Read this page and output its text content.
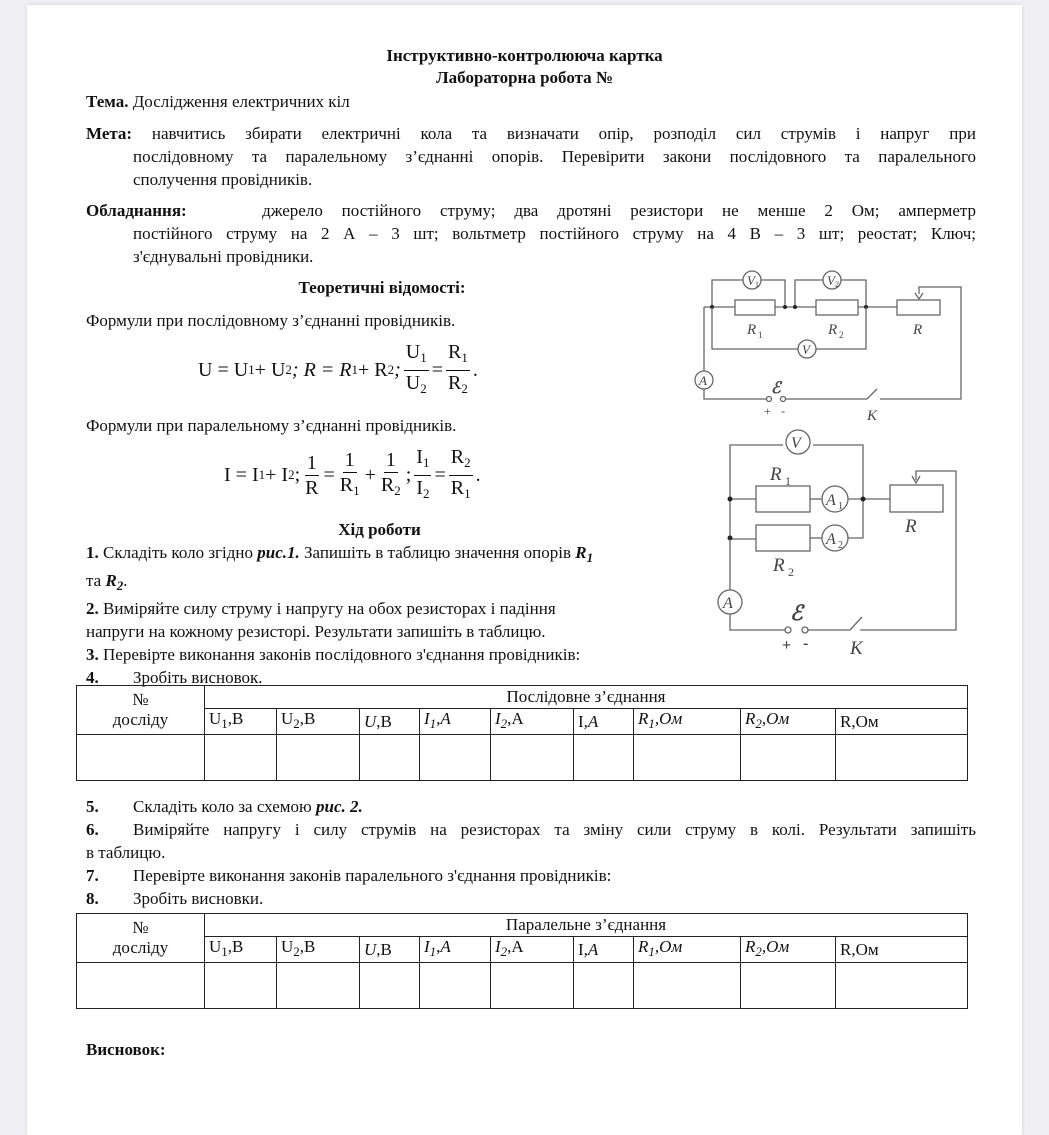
Інструктивно-контролююча картка
Лабораторна робота №
Тема. Дослідження електричних кіл
Мета: навчитись збирати електричні кола та визначати опір, розподіл сил струмів і напруг при
послідовному та паралельному з’єднанні опорів. Перевірити закони послідовного та паралельного
сполучення провідників.
Обладнання:	джерело постійного струму; два дротяні резистори не менше 2 Ом; амперметр
постійного струму на 2 А – 3 шт; вольтметр постійного струму на 4 В – 3 шт; реостат; Ключ;
з'єднувальні провідники.
Теоретичні відомості:
Формули при послідовному з’єднанні провідників.
U = U 1 + U 2 ; R = R 1 + R 2 ; $\frac{U_1}{U_2} = \frac{R_1}{R_2}$ .
Формули при паралельному з’єднанні провідників.
I = I 1 + I 2 ; $\frac{1}{R} = \frac{1}{R_1} + \frac{1}{R_2}$ ; $\frac{I_1}{I_2} = \frac{R_2}{R_1}$ .
Хід роботи
1. Складіть коло згідно рис.1. Запишіть в таблицю значення опорів $R_1$
та $R_2$.
2. Виміряйте силу струму і напругу на обох резисторах і падіння
напруги на кожному резисторі. Результати запишіть в таблицю.
3. Перевірте виконання законів послідовного з'єднання провідників:
4. Зробіть висновок.
№
досліду	Послідовне з’єднання								
	$U_1,В$	$U_2,В$	U,В	$I_1,A$	$I_2,А$	I,A	$R_1,Ом$	$R_2,Ом$	R,Ом

5. Складіть коло за схемою рис. 2.
6. Виміряйте напругу і силу струмів на резисторах та зміну сили струму в колі. Результати запишіть
в таблицю.
7. Перевірте виконання законів паралельного з'єднання провідників:
8. Зробіть висновки.
№
досліду	Паралельне з’єднання								
	$U_1,В$	$U_2,В$	U,В	$I_1,A$	$I_2,А$	I,A	$R_1,Ом$	$R_2,Ом$	R,Ом

Висновок:
V 1	V 2
R 1	R 2	R
V
A	ℰ
+ -	K
V
A 1
A 2
R 1
R 2
R
A	ℰ
+ - K
